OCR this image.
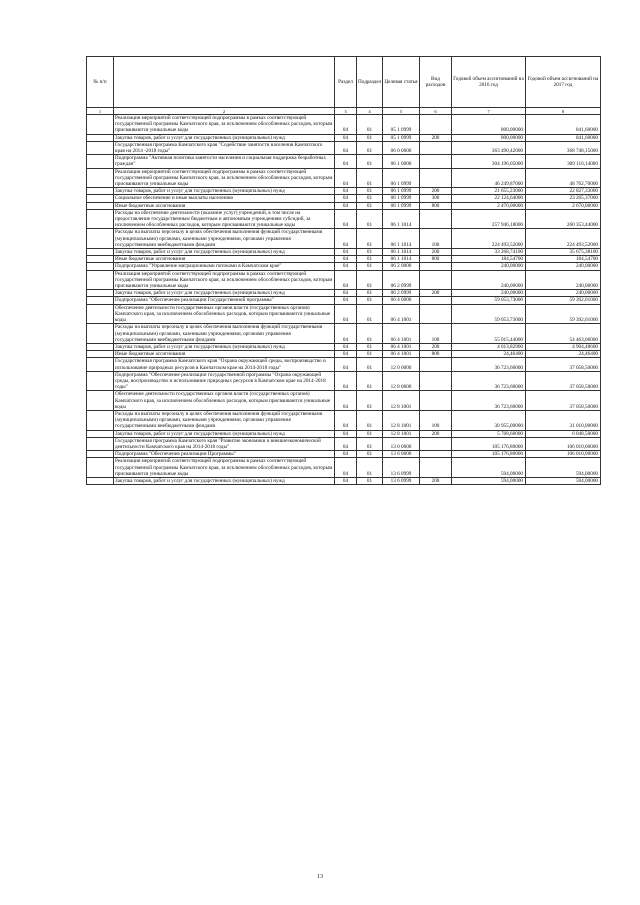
№ п/п		Раздел	Подраздел	Целевая статья	Вид расходов	Годовой объем ассигнований на 2016 год	Годовой объем ассигнований на 2017 год
1	2	3	4	5	6	7	8
	Реализация мероприятий соответствующей подпрограммы в рамках соответствующей государственной программы Камчатского края, за исключением обособленных расходов, которым присваиваются уникальные коды	04	01	05 1 0999		800,00000	841,60000
	Закупка товаров, работ и услуг для государственных (муниципальных) нужд	04	01	05 1 0999	200	800,00000	841,60000
	Государственная программа Камчатского края "Содействие занятости населения Камчатского края на 2014 -2018 годы"	04	01	06 0 0000		363 490,42000	368 748,15000
	Подпрограмма "Активная политика занятости населения и социальная поддержка безработных граждан"	04	01	06 1 0000		304 196,05000	309 116,14000
	Реализация мероприятий соответствующей подпрограммы в рамках соответствующей государственной программы Камчатского края, за исключением обособленных расходов, которым присваиваются уникальные коды	04	01	06 1 0999		46 249,87000	48 762,70000
	Закупка товаров, работ и услуг для государственных (муниципальных) нужд	04	01	06 1 0999	200	21 655,23000	22 827,33000
	Социальное обеспечение и иные выплаты населению	04	01	06 1 0999	300	22 124,64000	23 265,37000
	Иные бюджетные ассигнования	04	01	06 1 0999	800	2 470,00000	2 670,00000
	Расходы на обеспечение деятельности (оказание услуг) учреждений, в том числе на предоставление государственным бюджетным и автономным учреждениям субсидий, за исключением обособленных расходов, которым присваиваются уникальные коды	04	01	06 1 1014		257 946,18000	260 353,44000
	Расходы на выплаты персоналу в целях обеспечения выполнения функций государственными (муниципальными) органами, казенными учреждениями, органами управления государственными внебюджетными фондами	04	01	06 1 1014	100	224 493,52000	224 493,52000
	Закупка товаров, работ и услуг для государственных (муниципальных) нужд	04	01	06 1 1014	200	33 268,74100	35 675,38100
	Иные бюджетные ассигнования	04	01	06 1 1014	800	184,54700	184,54700
	Подпрограмма "Управление миграционными потоками в Камчатском крае"	04	01	06 2 0000		240,00000	240,00000
	Реализация мероприятий соответствующей подпрограммы в рамках соответствующей государственной программы Камчатского края, за исключением обособленных расходов, которым присваиваются уникальные коды	04	01	06 2 0999		240,00000	240,00000
	Закупка товаров, работ и услуг для государственных (муниципальных) нужд	04	01	06 2 0999	200	240,00000	240,00000
	Подпрограмма "Обеспечение реализации Государственной программы"	04	01	06 4 0000		59 053,73000	59 392,01000
	Обеспечение деятельности государственных органов власти (государственных органов) Камчатского края, за исключением обособленных расходов, которым присваиваются уникальные коды	04	01	06 4 1001		59 053,73000	59 392,01000
	Расходы на выплаты персоналу в целях обеспечения выполнения функций государственными (муниципальными) органами, казенными учреждениями, органами управления государственными внебюджетными фондами	04	01	06 4 1001	100	55 015,44000	54 463,06000
	Закупка товаров, работ и услуг для государственных (муниципальных) нужд	04	01	06 4 1001	200	4 013,82900	4 904,48600
	Иные бюджетные ассигнования	04	01	06 4 1001	800	24,46400	24,46400
	Государственная программа Камчатского края "Охрана окружающей среды, воспроизводство и использование природных ресурсов в Камчатском крае на 2014-2018 годы"	04	01	12 0 0000		36 723,60000	37 058,50000
	Подпрограмма "Обеспечение реализации государственной программы "Охрана окружающей среды, воспроизводство и использование природных ресурсов в Камчатском крае на 2014-2018 годы"	04	01	12 8 0000		36 723,60000	37 058,50000
	Обеспечение деятельности государственных органов власти (государственных органов) Камчатского края, за исключением обособленных расходов, которым присваиваются уникальные коды	04	01	12 8 1001		36 723,60000	37 058,50000
	Расходы на выплаты персоналу в целях обеспечения выполнения функций государственными (муниципальными) органами, казенными учреждениями, органами управления государственными внебюджетными фондами	04	01	12 8 1001	100	30 955,00000	31 010,00000
	Закупка товаров, работ и услуг для государственных (муниципальных) нужд	04	01	12 8 1001	200	5 768,60000	6 048,50000
	Государственная программа Камчатского края "Развитие экономики и внешнеэкономической деятельности Камчатского края на 2014-2018 годы"	04	01	13 0 0000		105 176,80000	106 010,00000
	Подпрограмма "Обеспечение реализации Программы"	04	01	13 6 0000		105 176,80000	106 010,00000
	Реализация мероприятий соответствующей подпрограммы в рамках соответствующей государственной программы Камчатского края, за исключением обособленных расходов, которым присваиваются уникальные коды	04	01	13 6 0999		594,00000	594,00000
	Закупка товаров, работ и услуг для государственных (муниципальных) нужд	04	01	13 6 0999	200	594,00000	594,00000
13
